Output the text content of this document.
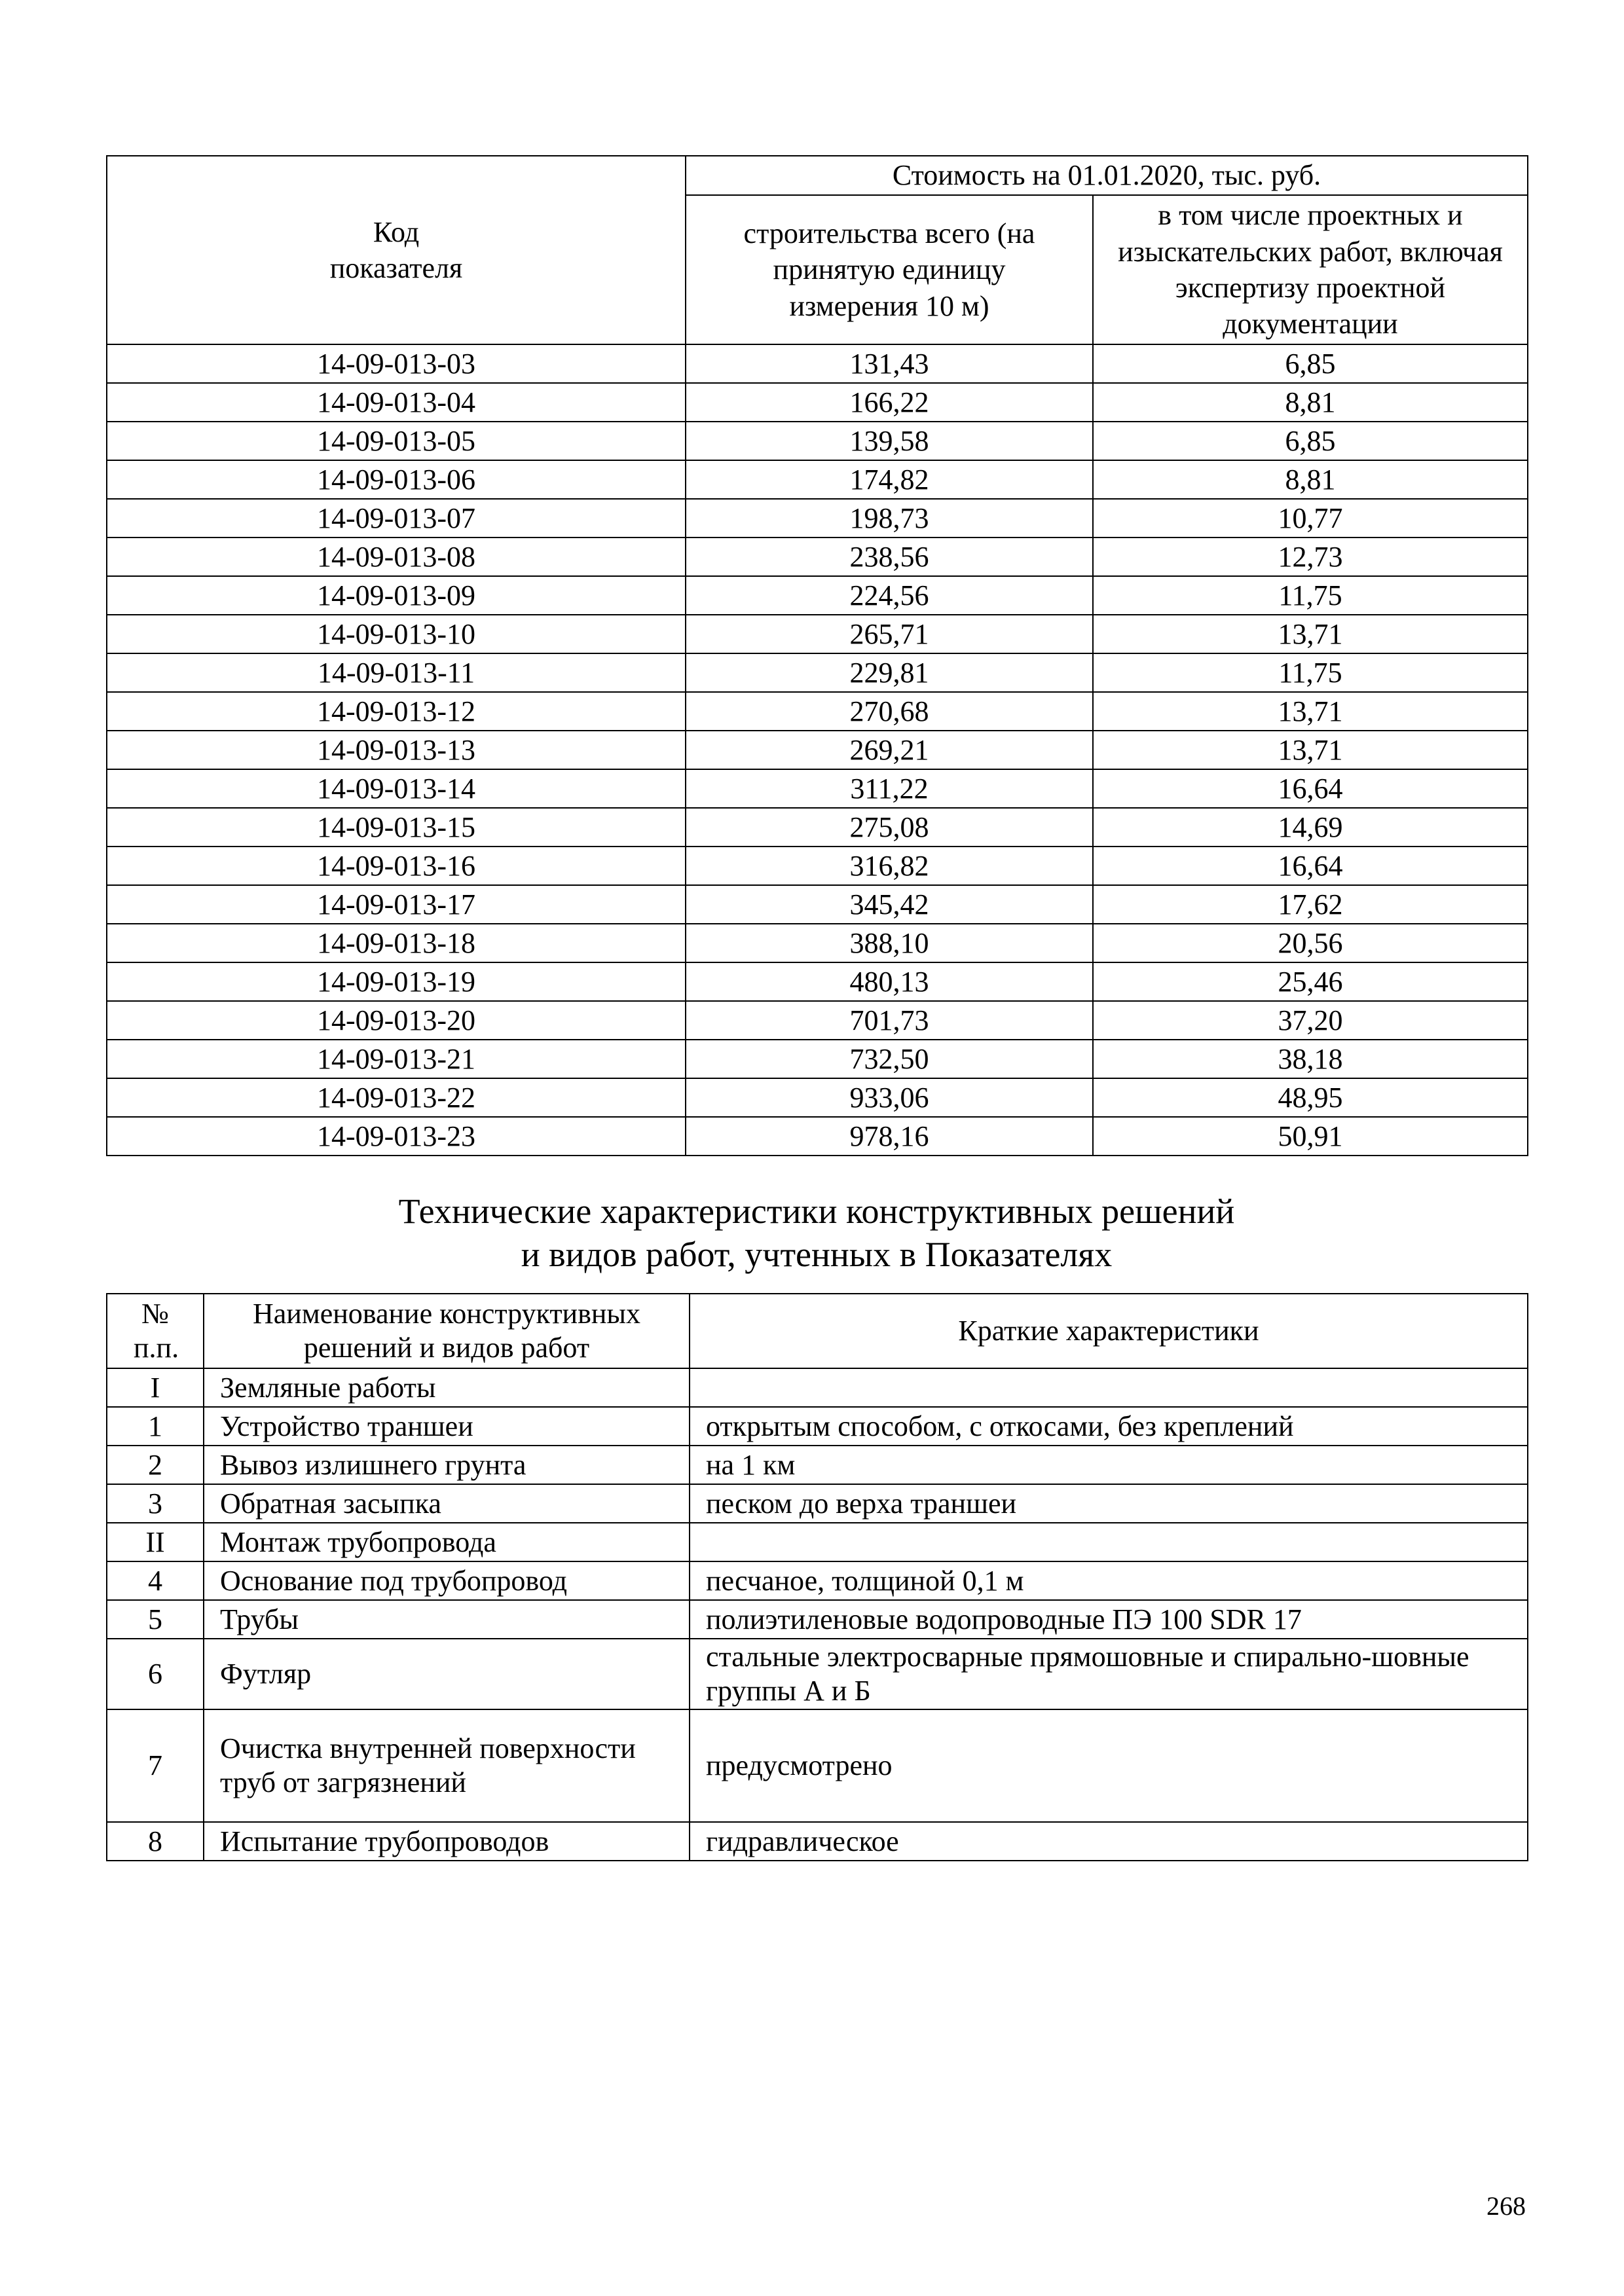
Код
показателя	Стоимость на 01.01.2020, тыс. руб.	
	строительства всего (на принятую единицу измерения 10 м)	в том числе проектных и изыскательских работ, включая экспертизу проектной документации
14-09-013-03	131,43	6,85
14-09-013-04	166,22	8,81
14-09-013-05	139,58	6,85
14-09-013-06	174,82	8,81
14-09-013-07	198,73	10,77
14-09-013-08	238,56	12,73
14-09-013-09	224,56	11,75
14-09-013-10	265,71	13,71
14-09-013-11	229,81	11,75
14-09-013-12	270,68	13,71
14-09-013-13	269,21	13,71
14-09-013-14	311,22	16,64
14-09-013-15	275,08	14,69
14-09-013-16	316,82	16,64
14-09-013-17	345,42	17,62
14-09-013-18	388,10	20,56
14-09-013-19	480,13	25,46
14-09-013-20	701,73	37,20
14-09-013-21	732,50	38,18
14-09-013-22	933,06	48,95
14-09-013-23	978,16	50,91
Технические характеристики конструктивных решений
и видов работ, учтенных в Показателях
№ п.п.	Наименование конструктивных решений и видов работ	Краткие характеристики
I	Земляные работы	
1	Устройство траншеи	открытым способом, с откосами, без креплений
2	Вывоз излишнего грунта	на 1 км
3	Обратная засыпка	песком до верха траншеи
II	Монтаж трубопровода	
4	Основание под трубопровод	песчаное, толщиной 0,1 м
5	Трубы	полиэтиленовые водопроводные ПЭ 100 SDR 17
6	Футляр	стальные электросварные прямошовные и спирально-шовные группы А и Б
7	Очистка внутренней поверхности труб от загрязнений	предусмотрено
8	Испытание трубопроводов	гидравлическое
268
